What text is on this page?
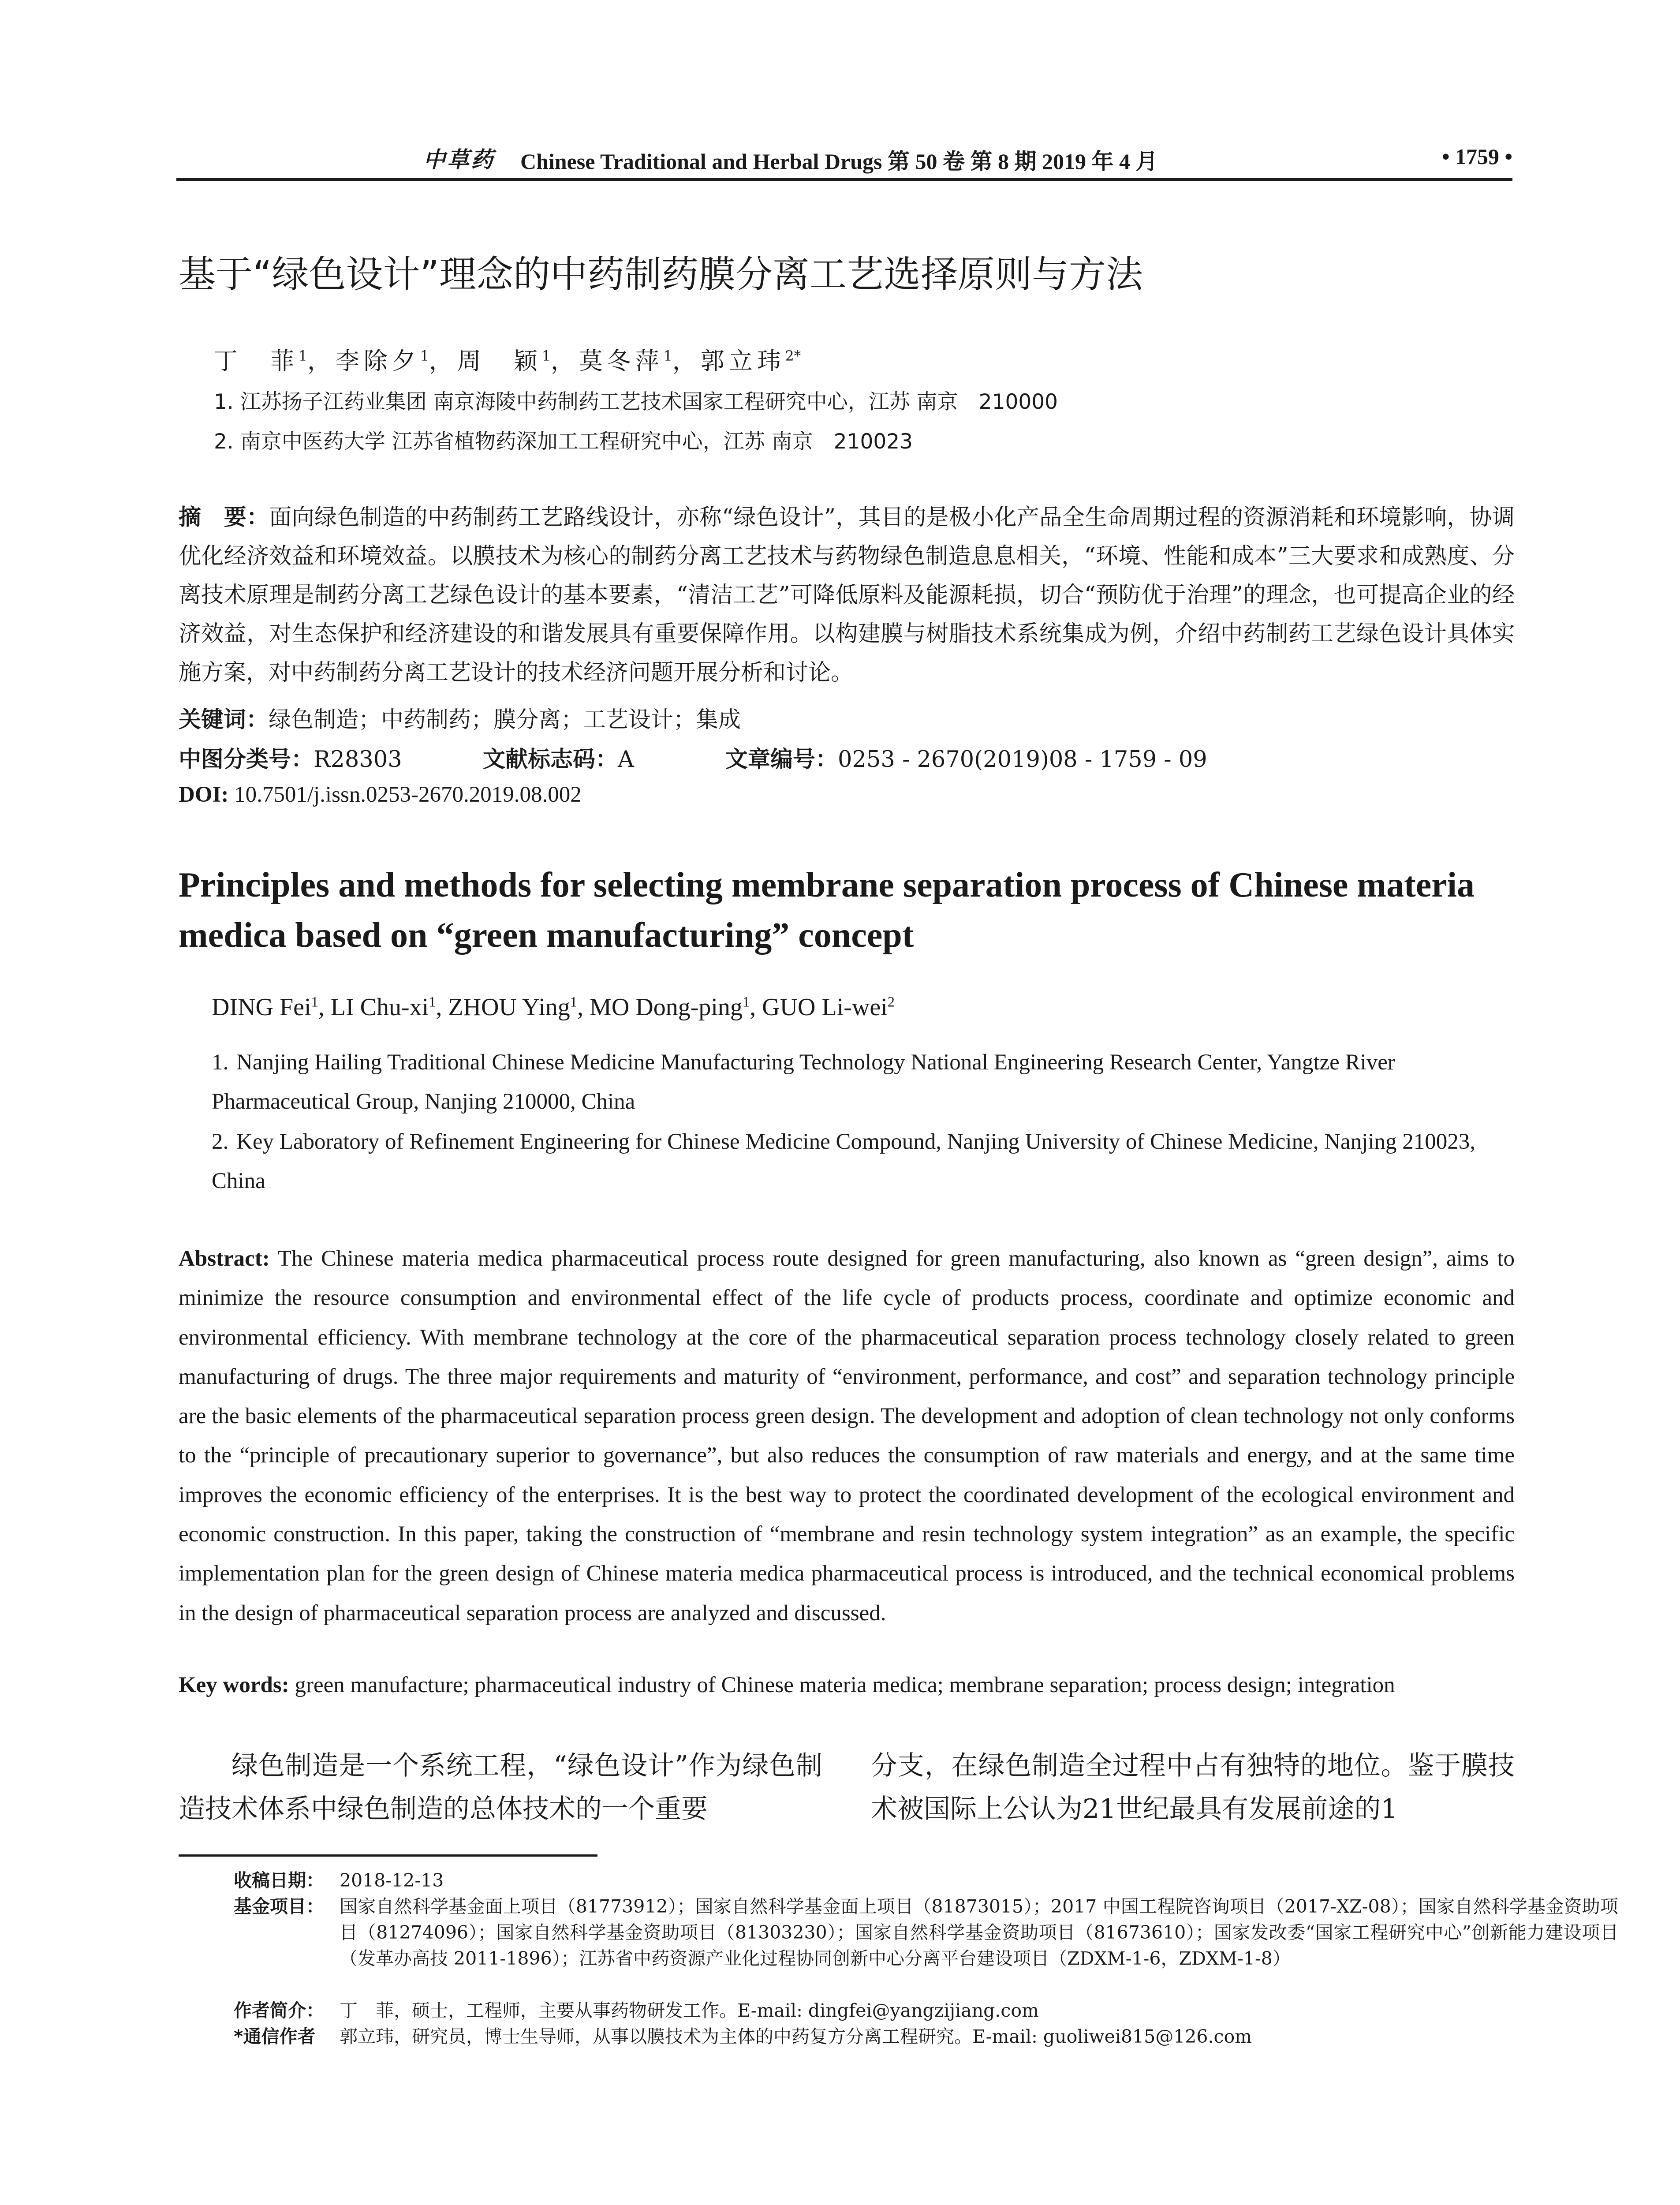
中草药 Chinese Traditional and Herbal Drugs 第 50 卷 第 8 期 2019 年 4 月	• 1759 •
基于“绿色设计”理念的中药制药膜分离工艺选择原则与方法
丁　菲$^1$，李除夕$^1$，周　颖$^1$，莫冬萍$^1$，郭立玮$^{2*}$
1. 江苏扬子江药业集团 南京海陵中药制药工艺技术国家工程研究中心，江苏 南京　210000
2. 南京中医药大学 江苏省植物药深加工工程研究中心，江苏 南京　210023
摘　要：面向绿色制造的中药制药工艺路线设计，亦称“绿色设计”，其目的是极小化产品全生命周期过程的资源消耗和环境影响，协调优化经济效益和环境效益。以膜技术为核心的制药分离工艺技术与药物绿色制造息息相关，“环境、性能和成本”三大要求和成熟度、分离技术原理是制药分离工艺绿色设计的基本要素，“清洁工艺”可降低原料及能源耗损，切合“预防优于治理”的理念，也可提高企业的经济效益，对生态保护和经济建设的和谐发展具有重要保障作用。以构建膜与树脂技术系统集成为例，介绍中药制药工艺绿色设计具体实施方案，对中药制药分离工艺设计的技术经济问题开展分析和讨论。
关键词：绿色制造；中药制药；膜分离；工艺设计；集成
中图分类号：R28303	文献标志码：A	文章编号：0253 - 2670(2019)08 - 1759 - 09
DOI: 10.7501/j.issn.0253-2670.2019.08.002
Principles and methods for selecting membrane separation process of Chinese materia medica based on “green manufacturing” concept
DING Fei$^1$, LI Chu-$xi^1$, ZHOU Ying$^1$, MO Dong-ping$^1$, GUO Li-wei$^2$
1. Nanjing Hailing Traditional Chinese Medicine Manufacturing Technology National Engineering Research Center, Yangtze River Pharmaceutical Group, Nanjing 210000, China
2. Key Laboratory of Refinement Engineering for Chinese Medicine Compound, Nanjing University of Chinese Medicine, Nanjing 210023, China
Abstract: The Chinese materia medica pharmaceutical process route designed for green manufacturing, also known as “green design”, aims to minimize the resource consumption and environmental effect of the life cycle of products process, coordinate and optimize economic and environmental efficiency. With membrane technology at the core of the pharmaceutical separation process technology closely related to green manufacturing of drugs. The three major requirements and maturity of “environment, performance, and cost” and separation technology principle are the basic elements of the pharmaceutical separation process green design. The development and adoption of clean technology not only conforms to the “principle of precautionary superior to governance”, but also reduces the consumption of raw materials and energy, and at the same time improves the economic efficiency of the enterprises. It is the best way to protect the coordinated development of the ecological environment and economic construction. In this paper, taking the construction of “membrane and resin technology system integration” as an example, the specific implementation plan for the green design of Chinese materia medica pharmaceutical process is introduced, and the technical economical problems in the design of pharmaceutical separation process are analyzed and discussed.
Key words: green manufacture; pharmaceutical industry of Chinese materia medica; membrane separation; process design; integration
绿色制造是一个系统工程，“绿色设计”作为绿色制造技术体系中绿色制造的总体技术的一个重要
分支，在绿色制造全过程中占有独特的地位。鉴于膜技术被国际上公认为21世纪最具有发展前途的1
收稿日期： 2018-12-13
基金项目： 国家自然科学基金面上项目（81773912）；国家自然科学基金面上项目（81873015）；2017 中国工程院咨询项目（2017-XZ-08）；国家自然科学基金资助项目（81274096）；国家自然科学基金资助项目（81303230）；国家自然科学基金资助项目（81673610）；国家发改委“国家工程研究中心”创新能力建设项目（发革办高技 2011-1896）；江苏省中药资源产业化过程协同创新中心分离平台建设项目（ZDXM-1-6，ZDXM-1-8）
作者简介： 丁　菲，硕士，工程师，主要从事药物研发工作。E-mail: dingfei@yangzijiang.com
*通信作者 郭立玮，研究员，博士生导师，从事以膜技术为主体的中药复方分离工程研究。E-mail: guoliwei815@126.com
